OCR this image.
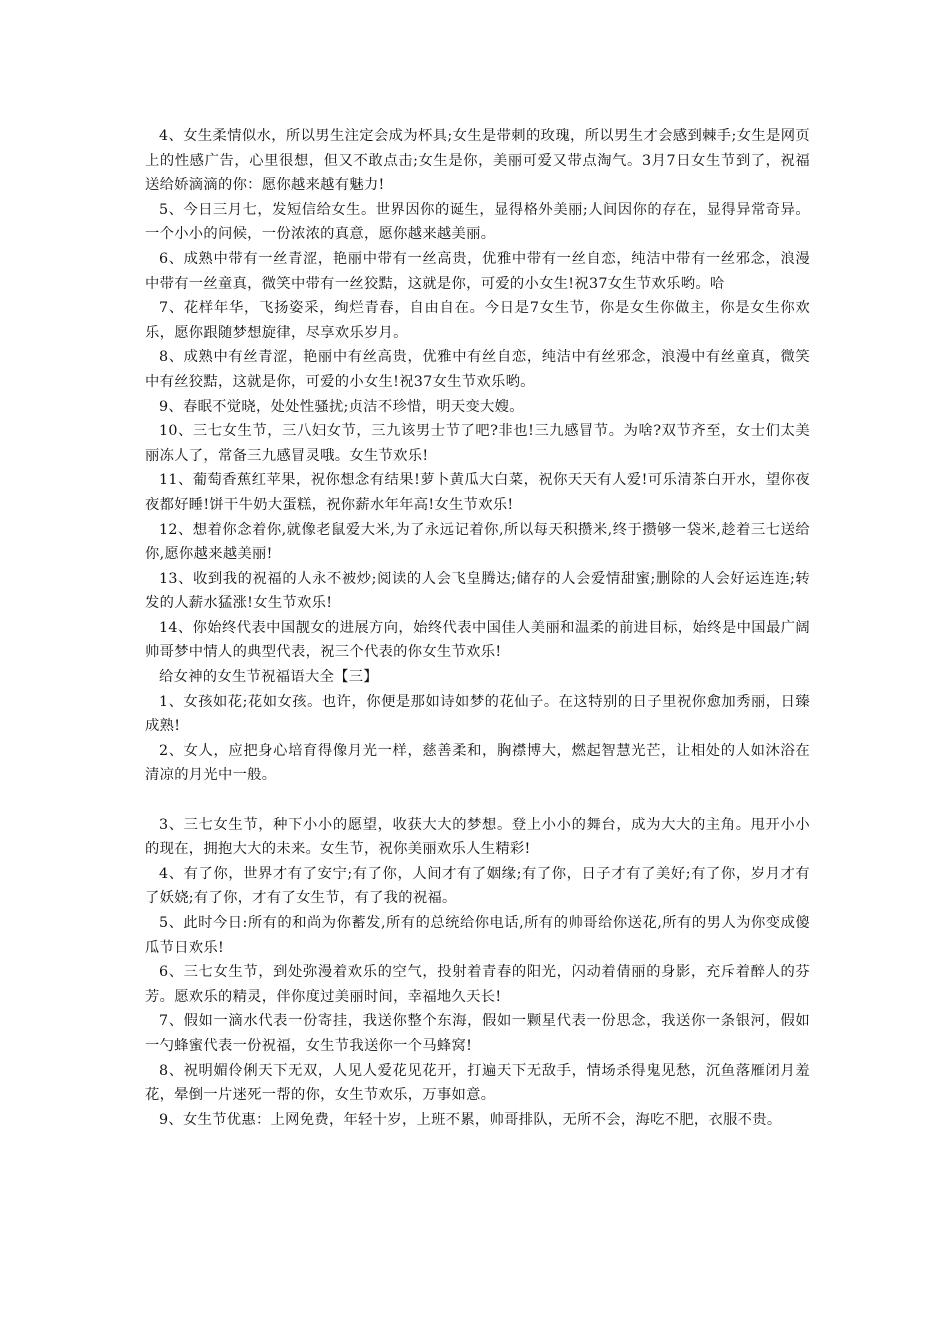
4、女生柔情似水，所以男生注定会成为杯具;女生是带刺的玫瑰，所以男生才会感到棘手;女生是网页上的性感广告，心里很想，但又不敢点击;女生是你，美丽可爱又带点淘气。3月7日女生节到了，祝福送给娇滴滴的你：愿你越来越有魅力!

5、今日三月七，发短信给女生。世界因你的诞生，显得格外美丽;人间因你的存在，显得异常奇异。一个小小的问候，一份浓浓的真意，愿你越来越美丽。

6、成熟中带有一丝青涩，艳丽中带有一丝高贵，优雅中带有一丝自恋，纯洁中带有一丝邪念，浪漫中带有一丝童真，微笑中带有一丝狡黠，这就是你，可爱的小女生!祝37女生节欢乐哟。哈

7、花样年华，飞扬姿采，绚烂青春，自由自在。今日是7女生节，你是女生你做主，你是女生你欢乐，愿你跟随梦想旋律，尽享欢乐岁月。

8、成熟中有丝青涩，艳丽中有丝高贵，优雅中有丝自恋，纯洁中有丝邪念，浪漫中有丝童真，微笑中有丝狡黠，这就是你，可爱的小女生!祝37女生节欢乐哟。

9、春眠不觉晓，处处性骚扰;贞洁不珍惜，明天变大嫂。

10、三七女生节，三八妇女节，三九该男士节了吧?非也!三九感冒节。为啥?双节齐至，女士们太美丽冻人了，常备三九感冒灵哦。女生节欢乐!

11、葡萄香蕉红苹果，祝你想念有结果!萝卜黄瓜大白菜，祝你天天有人爱!可乐清茶白开水，望你夜夜都好睡!饼干牛奶大蛋糕，祝你薪水年年高!女生节欢乐!

12、想着你念着你,就像老鼠爱大米,为了永远记着你,所以每天积攒米,终于攒够一袋米,趁着三七送给你,愿你越来越美丽!

13、收到我的祝福的人永不被炒;阅读的人会飞皇腾达;储存的人会爱情甜蜜;删除的人会好运连连;转发的人薪水猛涨!女生节欢乐!

14、你始终代表中国靓女的进展方向，始终代表中国佳人美丽和温柔的前进目标，始终是中国最广阔帅哥梦中情人的典型代表，祝三个代表的你女生节欢乐!

给女神的女生节祝福语大全【三】

1、女孩如花;花如女孩。也许，你便是那如诗如梦的花仙子。在这特别的日子里祝你愈加秀丽，日臻成熟!

2、女人，应把身心培育得像月光一样，慈善柔和，胸襟博大，燃起智慧光芒，让相处的人如沐浴在清凉的月光中一般。

3、三七女生节，种下小小的愿望，收获大大的梦想。登上小小的舞台，成为大大的主角。甩开小小的现在，拥抱大大的未来。女生节，祝你美丽欢乐人生精彩!

4、有了你，世界才有了安宁;有了你，人间才有了姻缘;有了你，日子才有了美好;有了你，岁月才有了妖娆;有了你，才有了女生节，有了我的祝福。

5、此时今日:所有的和尚为你蓄发,所有的总统给你电话,所有的帅哥给你送花,所有的男人为你变成傻瓜节日欢乐!

6、三七女生节，到处弥漫着欢乐的空气，投射着青春的阳光，闪动着倩丽的身影，充斥着醉人的芬芳。愿欢乐的精灵，伴你度过美丽时间，幸福地久天长!

7、假如一滴水代表一份寄挂，我送你整个东海，假如一颗星代表一份思念，我送你一条银河，假如一勺蜂蜜代表一份祝福，女生节我送你一个马蜂窝!

8、祝明媚伶俐天下无双，人见人爱花见花开，打遍天下无敌手，情场杀得鬼见愁，沉鱼落雁闭月羞花，晕倒一片迷死一帮的你，女生节欢乐，万事如意。

9、女生节优惠：上网免费，年轻十岁，上班不累，帅哥排队，无所不会，海吃不肥，衣服不贵。
